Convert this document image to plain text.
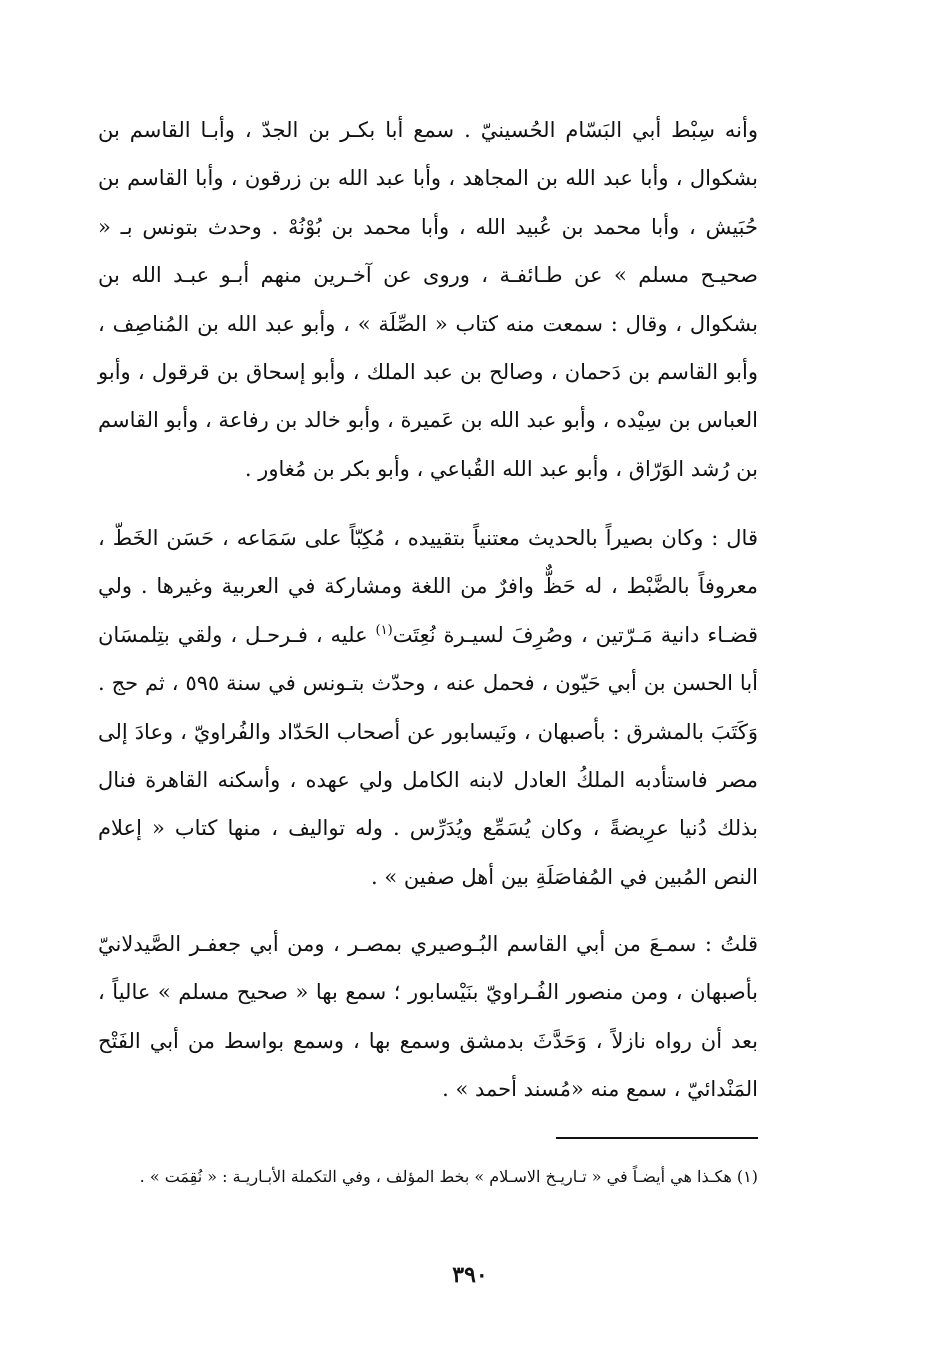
وأنه سِبْط أبي البَسّام الحُسينيّ . سمع أبا بكـر بن الجدّ ، وأبـا القاسم بن بشكوال ، وأبا عبد الله بن المجاهد ، وأبا عبد الله بن زرقون ، وأبا القاسم بن حُبَيش ، وأبا محمد بن عُبيد الله ، وأبا محمد بن بُوْنُهْ . وحدث بتونس بـ « صحيـح مسلم » عن طـائفـة ، وروى عن آخـرين منهم أبـو عبـد الله بن بشكوال ، وقال : سمعت منه كتاب « الصِّلَة » ، وأبو عبد الله بن المُناصِف ، وأبو القاسم بن دَحمان ، وصالح بن عبد الملك ، وأبو إسحاق بن قرقول ، وأبو العباس بن سِيْده ، وأبو عبد الله بن عَميرة ، وأبو خالد بن رفاعة ، وأبو القاسم بن رُشد الوَرّاق ، وأبو عبد الله القُباعي ، وأبو بكر بن مُغاور .

قال : وكان بصيراً بالحديث معتنياً بتقييده ، مُكِبّاً على سَمَاعه ، حَسَن الخَطّ ، معروفاً بالضَّبْط ، له حَظٌّ وافرٌ من اللغة ومشاركة في العربية وغيرها . ولي قضـاء دانية مَـرّتين ، وصُرِفَ لسيـرة نُعِتَت$^{(١)}$ عليه ، فـرحـل ، ولقي بتِلمسَان أبا الحسن بن أبي حَيّون ، فحمل عنه ، وحدّث بتـونس في سنة ٥٩٥ ، ثم حج . وَكَتَبَ بالمشرق : بأصبهان ، ونَيسابور عن أصحاب الحَدّاد والفُراويّ ، وعادَ إلى مصر فاستأدبه الملكُ العادل لابنه الكامل ولي عهده ، وأسكنه القاهرة فنال بذلك دُنيا عرِيضةً ، وكان يُسَمِّع ويُدَرِّس . وله تواليف ، منها كتاب « إعلام النص المُبين في المُفاصَلَةِ بين أهل صفين » .

قلتُ : سمـعَ من أبي القاسم البُـوصيري بمصـر ، ومن أبي جعفـر الصَّيدلانيّ بأصبهان ، ومن منصور الفُـراويّ بنَيْسابور ؛ سمع بها « صحيح مسلم » عالياً ، بعد أن رواه نازلاً ، وَحَدَّثَ بدمشق وسمع بها ، وسمع بواسط من أبي الفَتْح المَنْدائيّ ، سمع منه «مُسند أحمد » .

(١) هكـذا هي أيضـاً في « تـاريـخ الاسـلام » بخط المؤلف ، وفي التكملة الأبـاريـة : « نُقِمَت » .

٣٩٠
